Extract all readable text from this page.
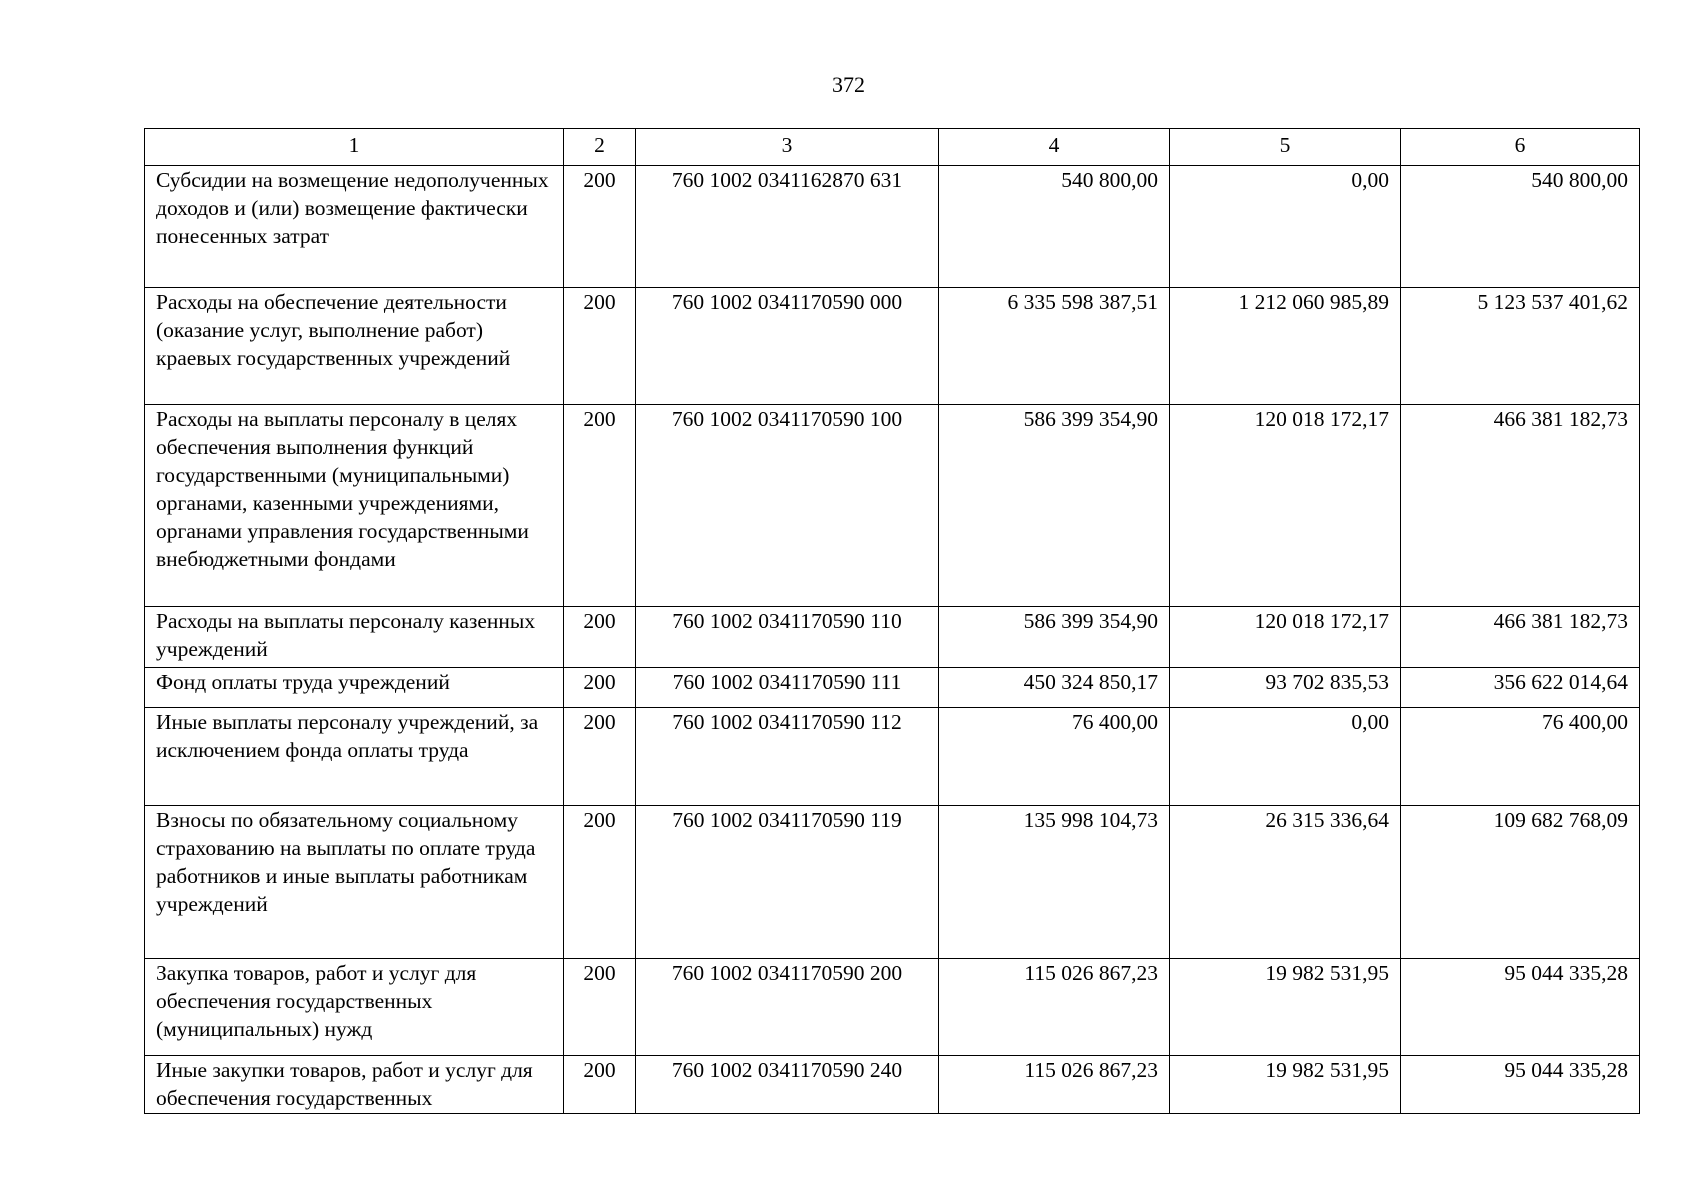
372
1	2	3	4	5	6
Субсидии на возмещение недополученных доходов и (или) возмещение фактически понесенных затрат	200	760 1002 0341162870 631	540 800,00	0,00	540 800,00
Расходы на обеспечение деятельности (оказание услуг, выполнение работ) краевых государственных учреждений	200	760 1002 0341170590 000	6 335 598 387,51	1 212 060 985,89	5 123 537 401,62
Расходы на выплаты персоналу в целях обеспечения выполнения функций государственными (муниципальными) органами, казенными учреждениями, органами управления государственными внебюджетными фондами	200	760 1002 0341170590 100	586 399 354,90	120 018 172,17	466 381 182,73
Расходы на выплаты персоналу казенных учреждений	200	760 1002 0341170590 110	586 399 354,90	120 018 172,17	466 381 182,73
Фонд оплаты труда учреждений	200	760 1002 0341170590 111	450 324 850,17	93 702 835,53	356 622 014,64
Иные выплаты персоналу учреждений, за исключением фонда оплаты труда	200	760 1002 0341170590 112	76 400,00	0,00	76 400,00
Взносы по обязательному социальному страхованию на выплаты по оплате труда работников и иные выплаты работникам учреждений	200	760 1002 0341170590 119	135 998 104,73	26 315 336,64	109 682 768,09
Закупка товаров, работ и услуг для обеспечения государственных (муниципальных) нужд	200	760 1002 0341170590 200	115 026 867,23	19 982 531,95	95 044 335,28
Иные закупки товаров, работ и услуг для обеспечения государственных	200	760 1002 0341170590 240	115 026 867,23	19 982 531,95	95 044 335,28
